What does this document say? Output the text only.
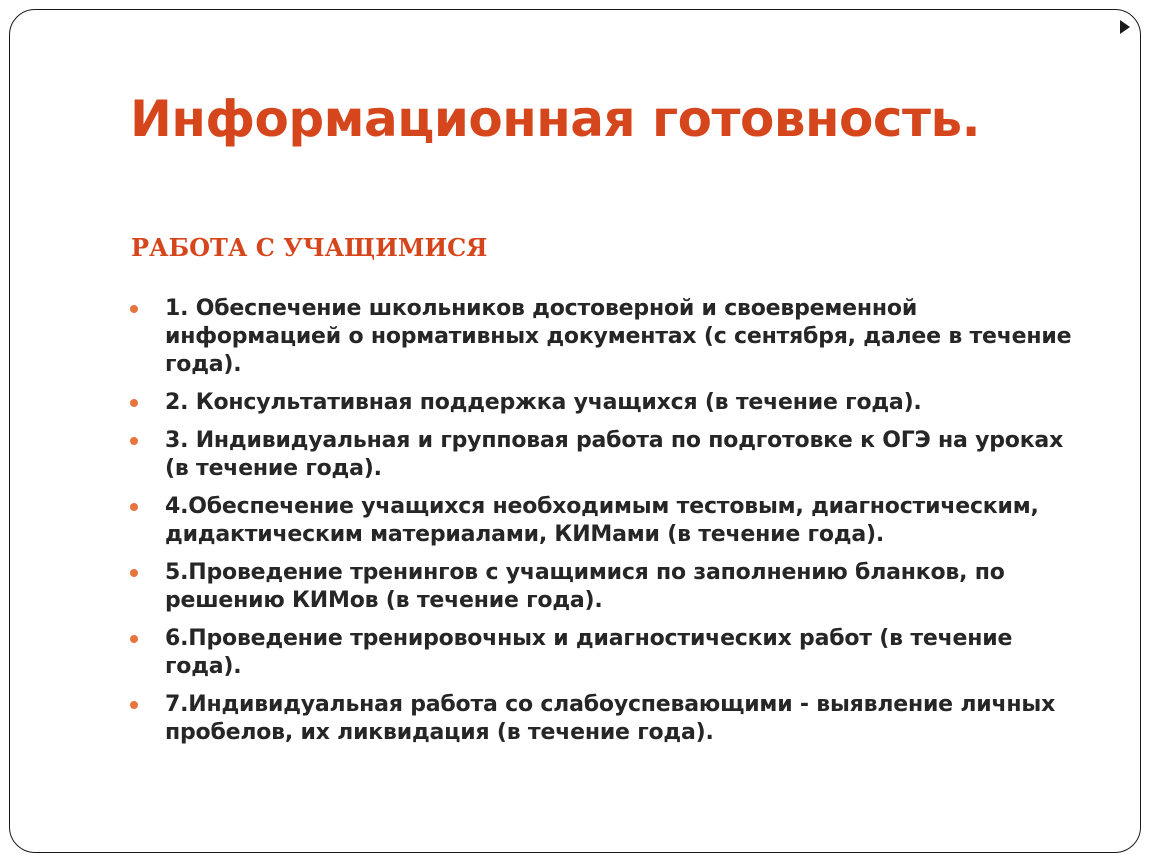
Информационная готовность.
РАБОТА С УЧАЩИМИСЯ
1. Обеспечение школьников достоверной и своевременной информацией о нормативных документах (с сентября, далее в течение года).
2. Консультативная поддержка учащихся (в течение года).
3. Индивидуальная и групповая работа по подготовке к ОГЭ на уроках (в течение года).
4.Обеспечение учащихся необходимым тестовым, диагностическим, дидактическим материалами, КИМами (в течение года).
5.Проведение тренингов с учащимися по заполнению бланков, по решению КИМов (в течение года).
6.Проведение тренировочных и диагностических работ (в течение года).
7.Индивидуальная работа со слабоуспевающими - выявление личных пробелов, их ликвидация (в течение года).
